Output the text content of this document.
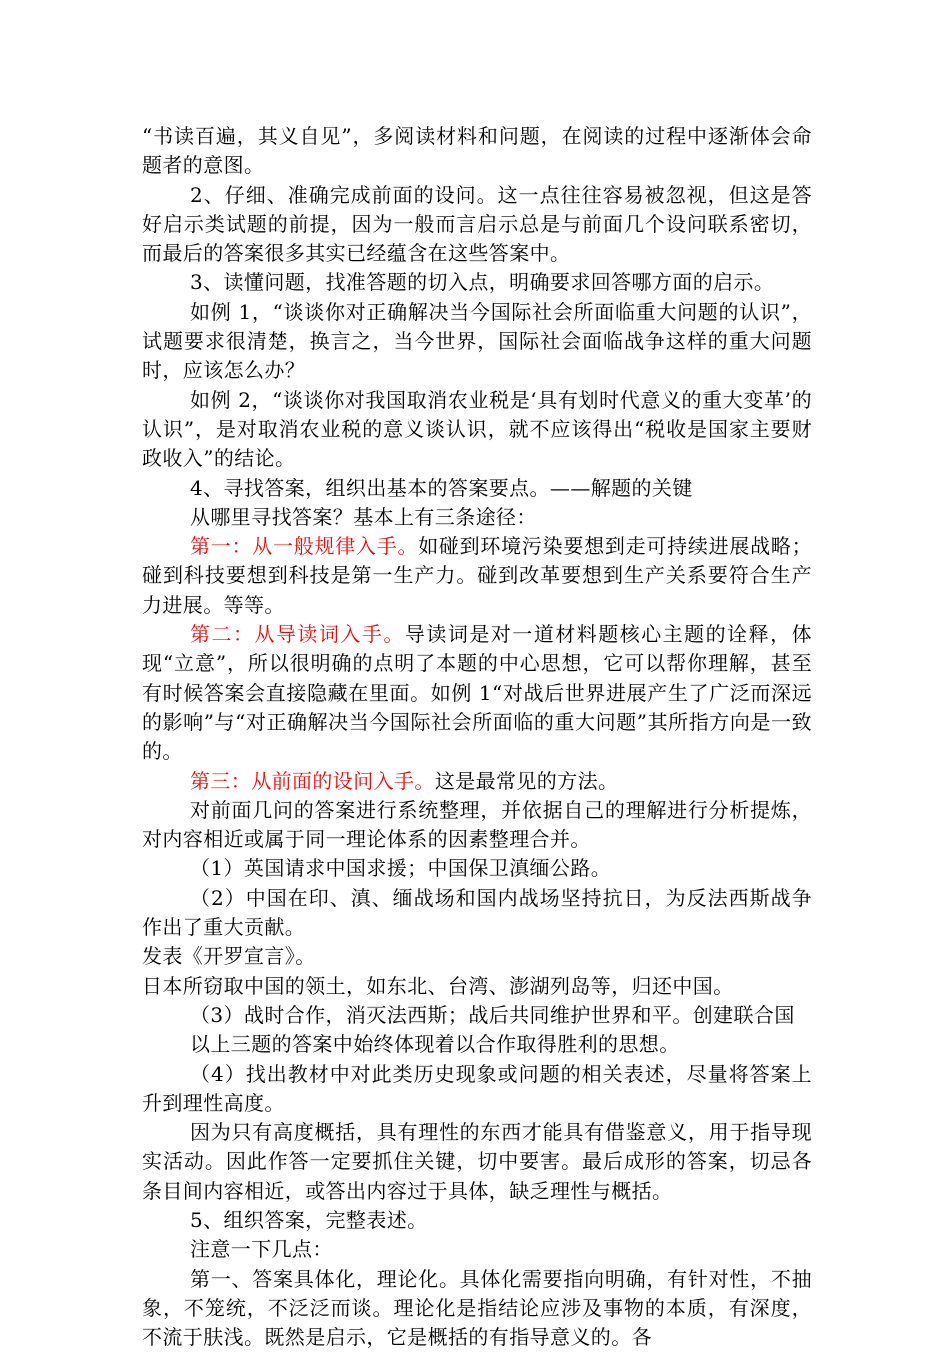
“书读百遍，其义自见”，多阅读材料和问题，在阅读的过程中逐渐体会命题者的意图。

2、仔细、准确完成前面的设问。这一点往往容易被忽视，但这是答好启示类试题的前提，因为一般而言启示总是与前面几个设问联系密切，而最后的答案很多其实已经蕴含在这些答案中。

3、读懂问题，找准答题的切入点，明确要求回答哪方面的启示。

如例 1，“谈谈你对正确解决当今国际社会所面临重大问题的认识”，试题要求很清楚，换言之，当今世界，国际社会面临战争这样的重大问题时，应该怎么办？

如例 2，“谈谈你对我国取消农业税是‘具有划时代意义的重大变革’的认识”，是对取消农业税的意义谈认识，就不应该得出“税收是国家主要财政收入”的结论。

4、寻找答案，组织出基本的答案要点。——解题的关键

从哪里寻找答案？基本上有三条途径：

第一：从一般规律入手。如碰到环境污染要想到走可持续进展战略；碰到科技要想到科技是第一生产力。碰到改革要想到生产关系要符合生产力进展。等等。

第二：从导读词入手。导读词是对一道材料题核心主题的诠释，体现“立意”，所以很明确的点明了本题的中心思想，它可以帮你理解，甚至有时候答案会直接隐藏在里面。如例 1“对战后世界进展产生了广泛而深远的影响”与“对正确解决当今国际社会所面临的重大问题”其所指方向是一致的。

第三：从前面的设问入手。这是最常见的方法。

对前面几问的答案进行系统整理，并依据自己的理解进行分析提炼，对内容相近或属于同一理论体系的因素整理合并。

（1）英国请求中国求援；中国保卫滇缅公路。

（2）中国在印、滇、缅战场和国内战场坚持抗日，为反法西斯战争作出了重大贡献。

发表《开罗宣言》。

日本所窃取中国的领土，如东北、台湾、澎湖列岛等，归还中国。

（3）战时合作，消灭法西斯；战后共同维护世界和平。创建联合国

以上三题的答案中始终体现着以合作取得胜利的思想。

（4）找出教材中对此类历史现象或问题的相关表述，尽量将答案上升到理性高度。

因为只有高度概括，具有理性的东西才能具有借鉴意义，用于指导现实活动。因此作答一定要抓住关键，切中要害。最后成形的答案，切忌各条目间内容相近，或答出内容过于具体，缺乏理性与概括。

5、组织答案，完整表述。

注意一下几点：

第一、答案具体化，理论化。具体化需要指向明确，有针对性，不抽象，不笼统，不泛泛而谈。理论化是指结论应涉及事物的本质，有深度，不流于肤浅。既然是启示，它是概括的有指导意义的。各
